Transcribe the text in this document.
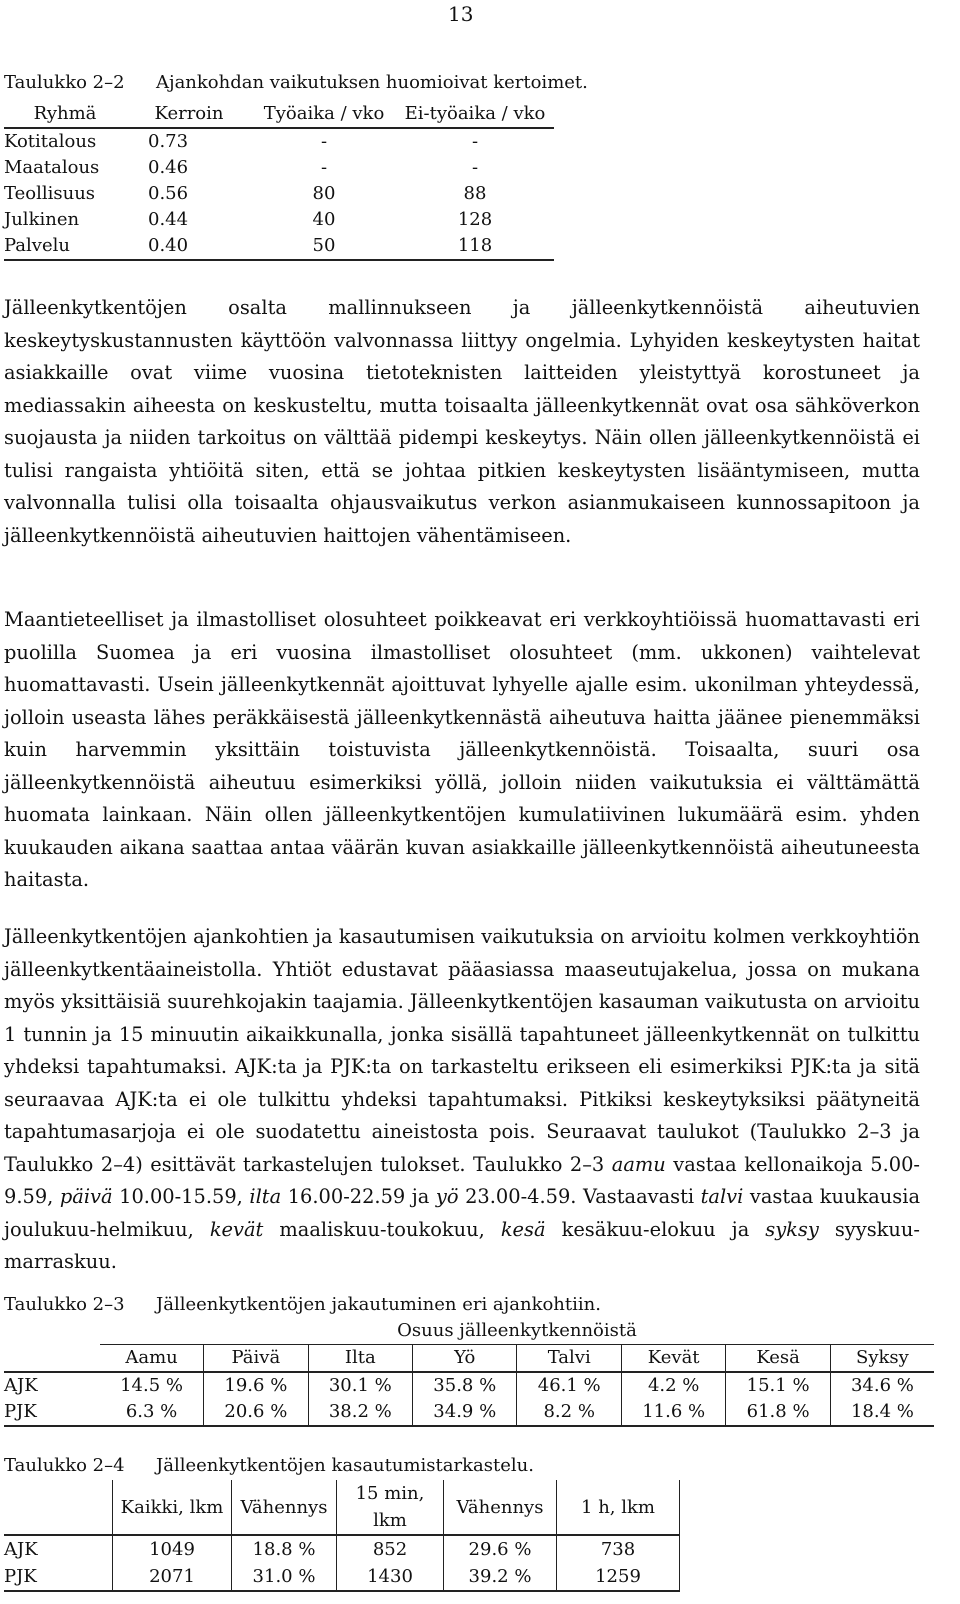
13
Taulukko 2–2 Ajankohdan vaikutuksen huomioivat kertoimet.
Ryhmä	Kerroin	Työaika / vko	Ei-työaika / vko
Kotitalous	0.73	-	-
Maatalous	0.46	-	-
Teollisuus	0.56	80	88
Julkinen	0.44	40	128
Palvelu	0.40	50	118

Jälleenkytkentöjen osalta mallinnukseen ja jälleenkytkennöistä aiheutuvien keskeytyskustannusten käyttöön valvonnassa liittyy ongelmia. Lyhyiden keskeytysten haitat asiakkaille ovat viime vuosina tietoteknisten laitteiden yleistyttyä korostuneet ja mediassakin aiheesta on keskusteltu, mutta toisaalta jälleenkytkennät ovat osa sähköverkon suojausta ja niiden tarkoitus on välttää pidempi keskeytys. Näin ollen jälleenkytkennöistä ei tulisi rangaista yhtiöitä siten, että se johtaa pitkien keskeytysten lisääntymiseen, mutta valvonnalla tulisi olla toisaalta ohjausvaikutus verkon asianmukaiseen kunnossapitoon ja jälleenkytkennöistä aiheutuvien haittojen vähentämiseen.

Maantieteelliset ja ilmastolliset olosuhteet poikkeavat eri verkkoyhtiöissä huomattavasti eri puolilla Suomea ja eri vuosina ilmastolliset olosuhteet (mm. ukkonen) vaihtelevat huomattavasti. Usein jälleenkytkennät ajoittuvat lyhyelle ajalle esim. ukonilman yhteydessä, jolloin useasta lähes peräkkäisestä jälleenkytkennästä aiheutuva haitta jäänee pienemmäksi kuin harvemmin yksittäin toistuvista jälleenkytkennöistä. Toisaalta, suuri osa jälleenkytkennöistä aiheutuu esimerkiksi yöllä, jolloin niiden vaikutuksia ei välttämättä huomata lainkaan. Näin ollen jälleenkytkentöjen kumulatiivinen lukumäärä esim. yhden kuukauden aikana saattaa antaa väärän kuvan asiakkaille jälleenkytkennöistä aiheutuneesta haitasta.

Jälleenkytkentöjen ajankohtien ja kasautumisen vaikutuksia on arvioitu kolmen verkkoyhtiön jälleenkytkentäaineistolla. Yhtiöt edustavat pääasiassa maaseutujakelua, jossa on mukana myös yksittäisiä suurehkojakin taajamia. Jälleenkytkentöjen kasauman vaikutusta on arvioitu 1 tunnin ja 15 minuutin aikaikkunalla, jonka sisällä tapahtuneet jälleenkytkennät on tulkittu yhdeksi tapahtumaksi. AJK:ta ja PJK:ta on tarkasteltu erikseen eli esimerkiksi PJK:ta ja sitä seuraavaa AJK:ta ei ole tulkittu yhdeksi tapahtumaksi. Pitkiksi keskeytyksiksi päätyneitä tapahtumasarjoja ei ole suodatettu aineistosta pois. Seuraavat taulukot (Taulukko 2–3 ja Taulukko 2–4) esittävät tarkastelujen tulokset. Taulukko 2–3 aamu vastaa kellonaikoja 5.00-9.59, päivä 10.00-15.59, ilta 16.00-22.59 ja yö 23.00-4.59. Vastaavasti talvi vastaa kuukausia joulukuu-helmikuu, kevät maaliskuu-toukokuu, kesä kesäkuu-elokuu ja syksy syyskuu-marraskuu.

Taulukko 2–3 Jälleenkytkentöjen jakautuminen eri ajankohtiin.
	Osuus jälleenkytkennöistä							
	Aamu	Päivä	Ilta	Yö	Talvi	Kevät	Kesä	Syksy
AJK	14.5 %	19.6 %	30.1 %	35.8 %	46.1 %	4.2 %	15.1 %	34.6 %
PJK	6.3 %	20.6 %	38.2 %	34.9 %	8.2 %	11.6 %	61.8 %	18.4 %
Taulukko 2–4 Jälleenkytkentöjen kasautumistarkastelu.
	Kaikki, lkm	Vähennys	15 min, lkm	Vähennys	1 h, lkm
AJK	1049	18.8 %	852	29.6 %	738
PJK	2071	31.0 %	1430	39.2 %	1259
